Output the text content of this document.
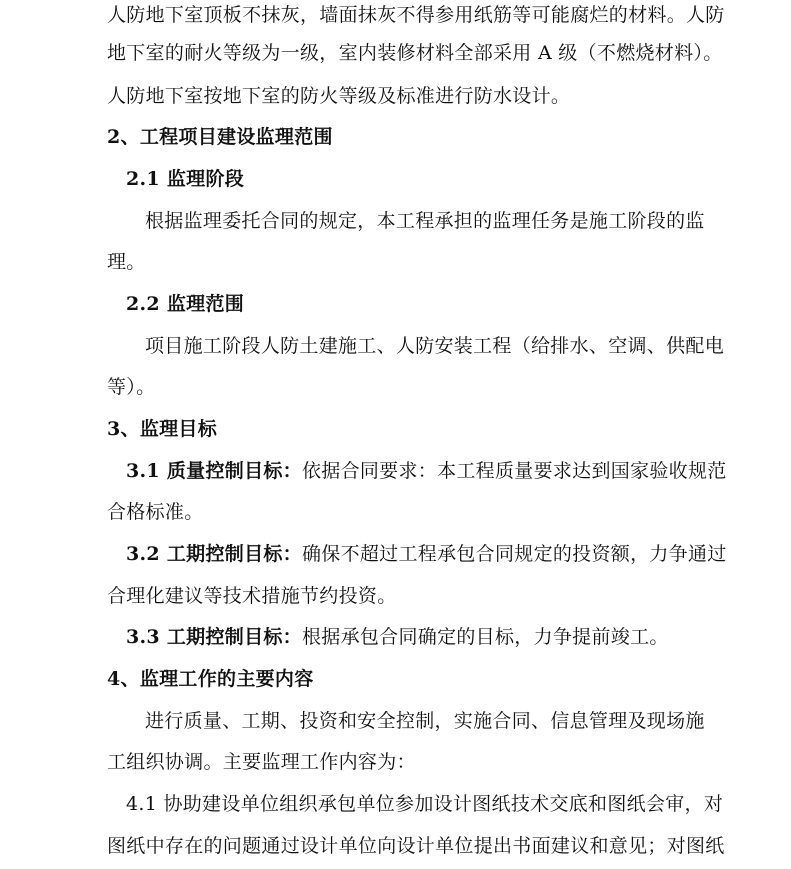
人防地下室顶板不抹灰，墙面抹灰不得参用纸筋等可能腐烂的材料。人防
地下室的耐火等级为一级，室内装修材料全部采用 A 级（不燃烧材料）。
人防地下室按地下室的防火等级及标准进行防水设计。
2、工程项目建设监理范围
2.1 监理阶段
根据监理委托合同的规定，本工程承担的监理任务是施工阶段的监
理。
2.2 监理范围
项目施工阶段人防土建施工、人防安装工程（给排水、空调、供配电
等）。
3、监理目标
3.1 质量控制目标：依据合同要求：本工程质量要求达到国家验收规范
合格标准。
3.2 工期控制目标：确保不超过工程承包合同规定的投资额，力争通过
合理化建议等技术措施节约投资。
3.3 工期控制目标：根据承包合同确定的目标，力争提前竣工。
4、监理工作的主要内容
进行质量、工期、投资和安全控制，实施合同、信息管理及现场施
工组织协调。主要监理工作内容为：
4.1 协助建设单位组织承包单位参加设计图纸技术交底和图纸会审，对
图纸中存在的问题通过设计单位向设计单位提出书面建议和意见；对图纸
